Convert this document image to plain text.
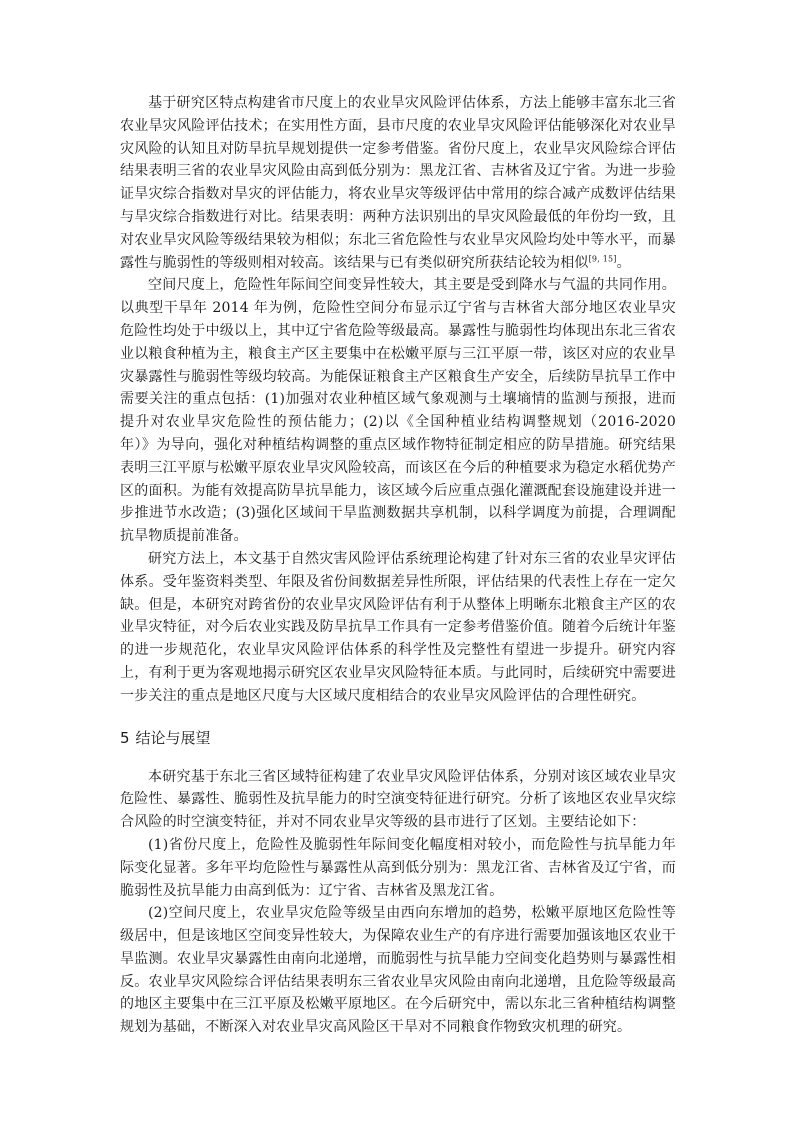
基于研究区特点构建省市尺度上的农业旱灾风险评估体系，方法上能够丰富东北三省农业旱灾风险评估技术；在实用性方面，县市尺度的农业旱灾风险评估能够深化对农业旱灾风险的认知且对防旱抗旱规划提供一定参考借鉴。省份尺度上，农业旱灾风险综合评估结果表明三省的农业旱灾风险由高到低分别为：黑龙江省、吉林省及辽宁省。为进一步验证旱灾综合指数对旱灾的评估能力，将农业旱灾等级评估中常用的综合减产成数评估结果与旱灾综合指数进行对比。结果表明：两种方法识别出的旱灾风险最低的年份均一致，且对农业旱灾风险等级结果较为相似；东北三省危险性与农业旱灾风险均处中等水平，而暴露性与脆弱性的等级则相对较高。该结果与已有类似研究所获结论较为相似[9, 15]。

空间尺度上，危险性年际间空间变异性较大，其主要是受到降水与气温的共同作用。以典型干旱年 2014 年为例，危险性空间分布显示辽宁省与吉林省大部分地区农业旱灾危险性均处于中级以上，其中辽宁省危险等级最高。暴露性与脆弱性均体现出东北三省农业以粮食种植为主，粮食主产区主要集中在松嫩平原与三江平原一带，该区对应的农业旱灾暴露性与脆弱性等级均较高。为能保证粮食主产区粮食生产安全，后续防旱抗旱工作中需要关注的重点包括：(1)加强对农业种植区域气象观测与土壤墒情的监测与预报，进而提升对农业旱灾危险性的预估能力；(2)以《全国种植业结构调整规划（2016-2020 年）》为导向，强化对种植结构调整的重点区域作物特征制定相应的防旱措施。研究结果表明三江平原与松嫩平原农业旱灾风险较高，而该区在今后的种植要求为稳定水稻优势产区的面积。为能有效提高防旱抗旱能力，该区域今后应重点强化灌溉配套设施建设并进一步推进节水改造；(3)强化区域间干旱监测数据共享机制，以科学调度为前提，合理调配抗旱物质提前准备。

研究方法上，本文基于自然灾害风险评估系统理论构建了针对东三省的农业旱灾评估体系。受年鉴资料类型、年限及省份间数据差异性所限，评估结果的代表性上存在一定欠缺。但是，本研究对跨省份的农业旱灾风险评估有利于从整体上明晰东北粮食主产区的农业旱灾特征，对今后农业实践及防旱抗旱工作具有一定参考借鉴价值。随着今后统计年鉴的进一步规范化，农业旱灾风险评估体系的科学性及完整性有望进一步提升。研究内容上，有利于更为客观地揭示研究区农业旱灾风险特征本质。与此同时，后续研究中需要进一步关注的重点是地区尺度与大区域尺度相结合的农业旱灾风险评估的合理性研究。

5 结论与展望

本研究基于东北三省区域特征构建了农业旱灾风险评估体系，分别对该区域农业旱灾危险性、暴露性、脆弱性及抗旱能力的时空演变特征进行研究。分析了该地区农业旱灾综合风险的时空演变特征，并对不同农业旱灾等级的县市进行了区划。主要结论如下：

(1)省份尺度上，危险性及脆弱性年际间变化幅度相对较小，而危险性与抗旱能力年际变化显著。多年平均危险性与暴露性从高到低分别为：黑龙江省、吉林省及辽宁省，而脆弱性及抗旱能力由高到低为：辽宁省、吉林省及黑龙江省。

(2)空间尺度上，农业旱灾危险等级呈由西向东增加的趋势，松嫩平原地区危险性等级居中，但是该地区空间变异性较大，为保障农业生产的有序进行需要加强该地区农业干旱监测。农业旱灾暴露性由南向北递增，而脆弱性与抗旱能力空间变化趋势则与暴露性相反。农业旱灾风险综合评估结果表明东三省农业旱灾风险由南向北递增，且危险等级最高的地区主要集中在三江平原及松嫩平原地区。在今后研究中，需以东北三省种植结构调整规划为基础，不断深入对农业旱灾高风险区干旱对不同粮食作物致灾机理的研究。
